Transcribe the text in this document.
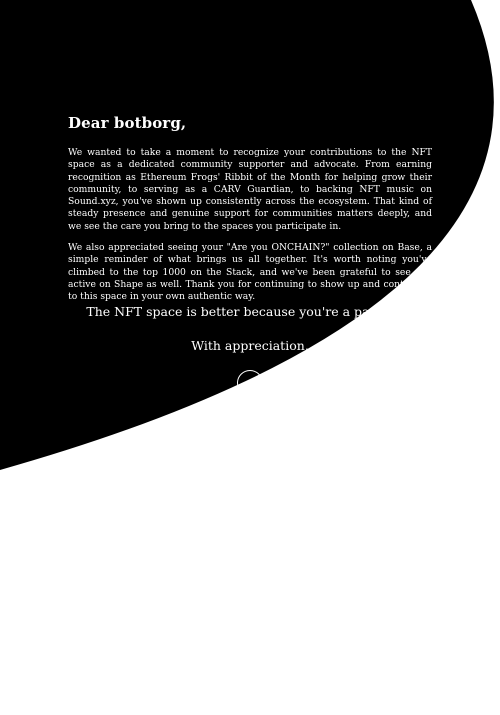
Dear botborg,

We wanted to take a moment to recognize your contributions to the NFT space as a dedicated community supporter and advocate. From earning recognition as Ethereum Frogs' Ribbit of the Month for helping grow their community, to serving as a CARV Guardian, to backing NFT music on Sound.xyz, you've shown up consistently across the ecosystem. That kind of steady presence and genuine support for communities matters deeply, and we see the care you bring to the spaces you participate in.

We also appreciated seeing your "Are you ONCHAIN?" collection on Base, a simple reminder of what brings us all together. It's worth noting you've climbed to the top 1000 on the Stack, and we've been grateful to see you active on Shape as well. Thank you for continuing to show up and contribute to this space in your own authentic way.

The NFT space is better because you're a part of it.

With appreciation,
